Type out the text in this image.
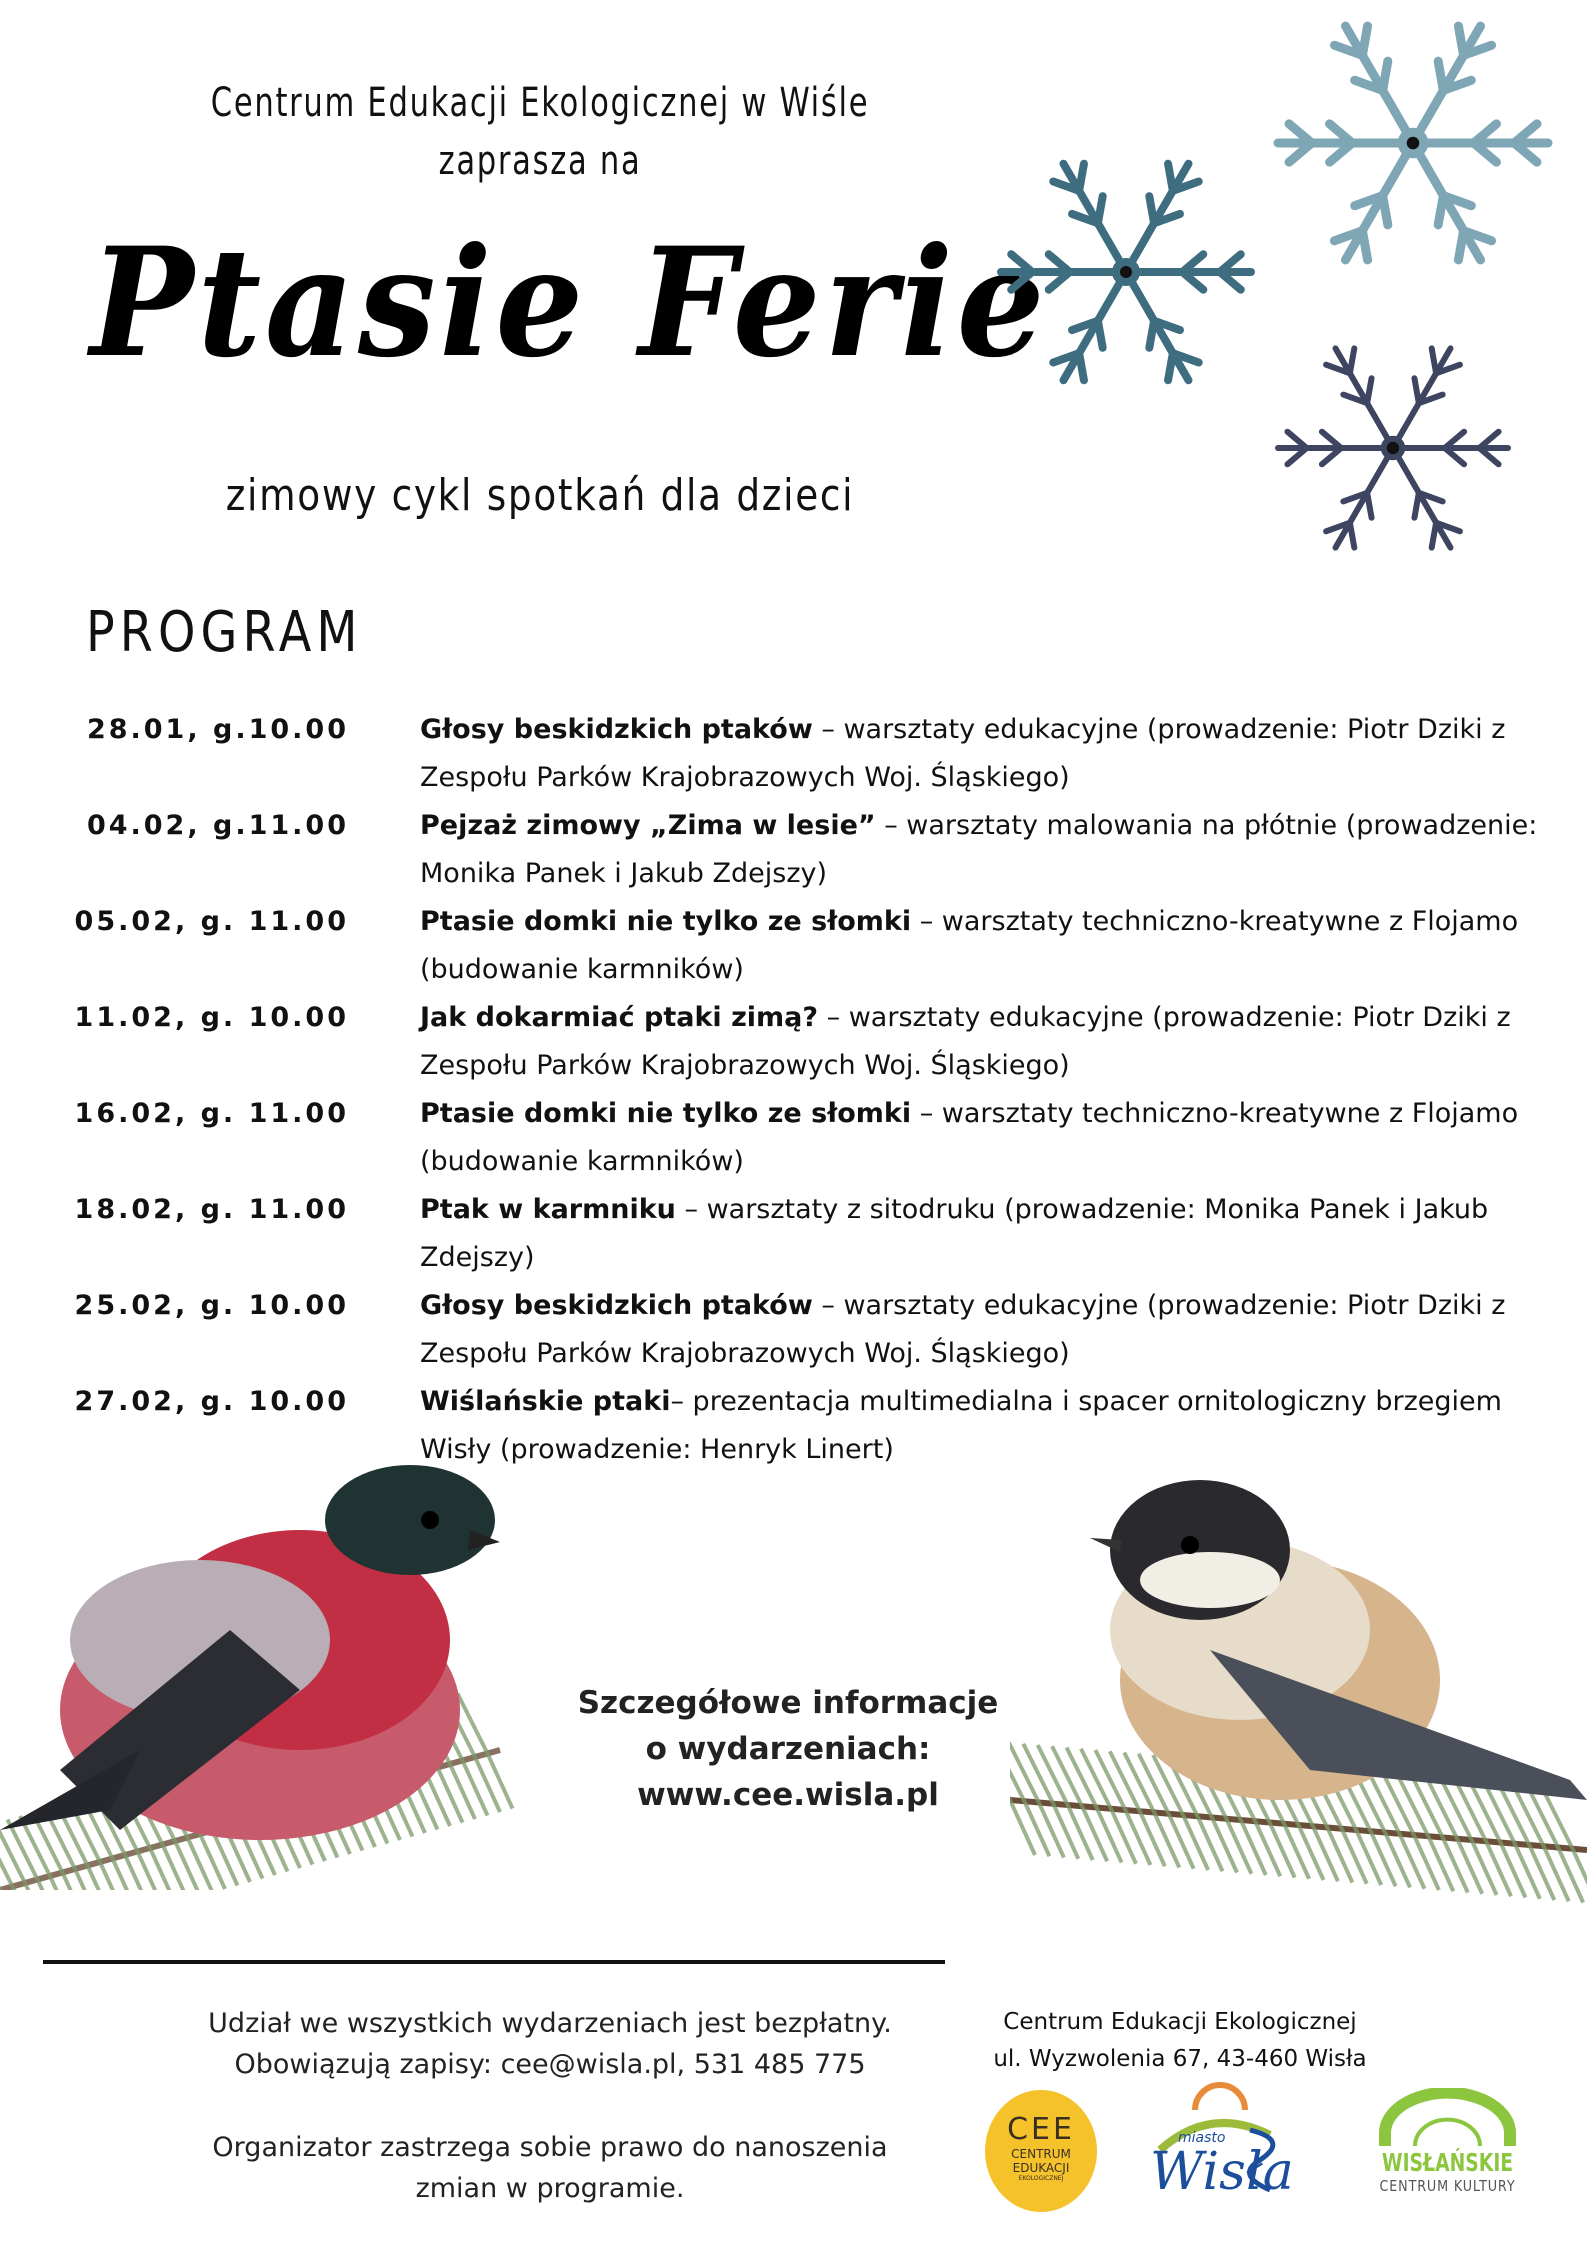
Centrum Edukacji Ekologicznej w Wiśle
zaprasza na
Ptasie Ferie
zimowy cykl spotkań dla dzieci
PROGRAM
28.01, g.10.00	Głosy beskidzkich ptaków – warsztaty edukacyjne (prowadzenie: Piotr Dziki z Zespołu Parków Krajobrazowych Woj. Śląskiego)
04.02, g.11.00	Pejzaż zimowy „Zima w lesie” – warsztaty malowania na płótnie (prowadzenie: Monika Panek i Jakub Zdejszy)
05.02, g. 11.00	Ptasie domki nie tylko ze słomki – warsztaty techniczno-kreatywne z Flojamo (budowanie karmników)
11.02, g. 10.00	Jak dokarmiać ptaki zimą? – warsztaty edukacyjne (prowadzenie: Piotr Dziki z Zespołu Parków Krajobrazowych Woj. Śląskiego)
16.02, g. 11.00	Ptasie domki nie tylko ze słomki – warsztaty techniczno-kreatywne z Flojamo (budowanie karmników)
18.02, g. 11.00	Ptak w karmniku – warsztaty z sitodruku (prowadzenie: Monika Panek i Jakub Zdejszy)
25.02, g. 10.00	Głosy beskidzkich ptaków – warsztaty edukacyjne (prowadzenie: Piotr Dziki z Zespołu Parków Krajobrazowych Woj. Śląskiego)
27.02, g. 10.00	Wiślańskie ptaki– prezentacja multimedialna i spacer ornitologiczny brzegiem Wisły (prowadzenie: Henryk Linert)
Szczegółowe informacje
o wydarzeniach:
www.cee.wisla.pl
Udział we wszystkich wydarzeniach jest bezpłatny.
Obowiązują zapisy: cee@wisla.pl, 531 485 775
Organizator zastrzega sobie prawo do nanoszenia
zmian w programie.
Centrum Edukacji Ekologicznej
ul. Wyzwolenia 67, 43-460 Wisła
CEE
CENTRUM
EDUKACJI
EKOLOGICZNEJ
miasto
Wisła	WISŁAŃSKIE
CENTRUM KULTURY
